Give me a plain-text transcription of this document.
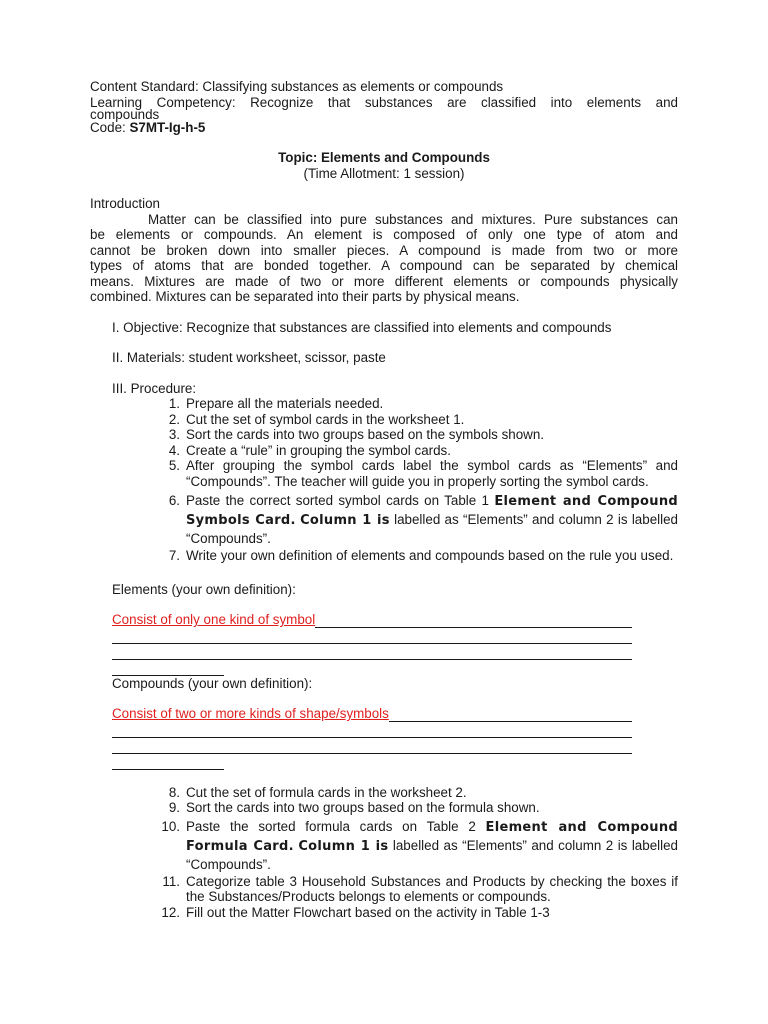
Content Standard: Classifying substances as elements or compounds
Learning Competency: Recognize that substances are classified into elements and
compounds
Code: S7MT-Ig-h-5
Topic: Elements and Compounds
(Time Allotment: 1 session)
Introduction
Matter can be classified into pure substances and mixtures. Pure substances can
be elements or compounds. An element is composed of only one type of atom and
cannot be broken down into smaller pieces. A compound is made from two or more
types of atoms that are bonded together. A compound can be separated by chemical
means. Mixtures are made of two or more different elements or compounds physically
combined. Mixtures can be separated into their parts by physical means.
I. Objective: Recognize that substances are classified into elements and compounds
II. Materials: student worksheet, scissor, paste
III. Procedure:
1. Prepare all the materials needed.
2. Cut the set of symbol cards in the worksheet 1.
3. Sort the cards into two groups based on the symbols shown.
4. Create a “rule” in grouping the symbol cards.
5. After grouping the symbol cards label the symbol cards as “Elements” and “Compounds”. The teacher will guide you in properly sorting the symbol cards.
6. Paste the correct sorted symbol cards on Table 1 Element and Compound Symbols Card. Column 1 is labelled as “Elements” and column 2 is labelled “Compounds”.
7. Write your own definition of elements and compounds based on the rule you used.
Elements (your own definition):
Consist of only one kind of symbol
Compounds (your own definition):
Consist of two or more kinds of shape/symbols
8. Cut the set of formula cards in the worksheet 2.
9. Sort the cards into two groups based on the formula shown.
10. Paste the sorted formula cards on Table 2 Element and Compound Formula Card. Column 1 is labelled as “Elements” and column 2 is labelled “Compounds”.
11. Categorize table 3 Household Substances and Products by checking the boxes if the Substances/Products belongs to elements or compounds.
12. Fill out the Matter Flowchart based on the activity in Table 1-3
